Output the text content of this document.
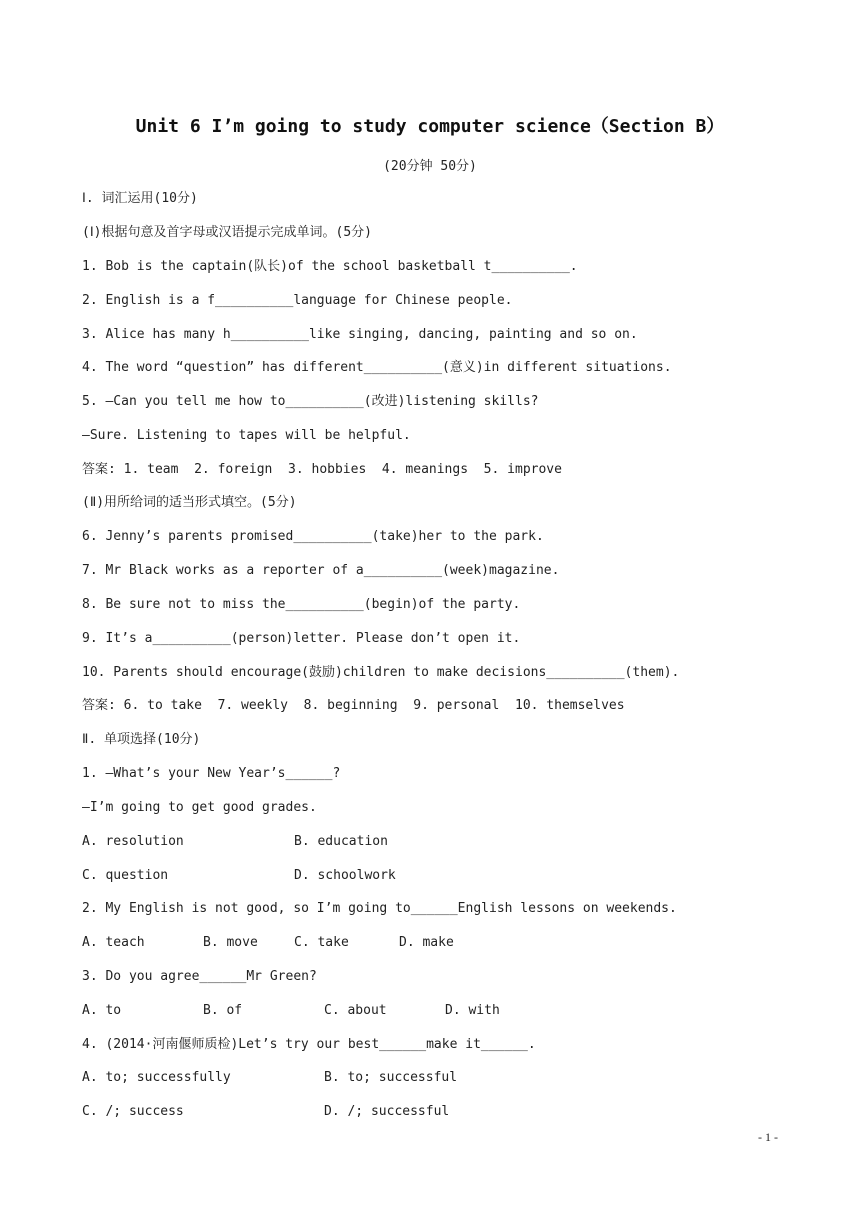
Unit 6 I’m going to study computer science（Section B）
(20分钟 50分)
Ⅰ. 词汇运用(10分)
(Ⅰ)根据句意及首字母或汉语提示完成单词。(5分)
1. Bob is the captain(队长)of the school basketball t__________.
2. English is a f__________language for Chinese people.
3. Alice has many h__________like singing, dancing, painting and so on.
4. The word “question” has different__________(意义)in different situations.
5. —Can you tell me how to__________(改进)listening skills?
—Sure. Listening to tapes will be helpful.
答案: 1. team  2. foreign  3. hobbies  4. meanings  5. improve
(Ⅱ)用所给词的适当形式填空。(5分)
6. Jenny’s parents promised__________(take)her to the park.
7. Mr Black works as a reporter of a__________(week)magazine.
8. Be sure not to miss the__________(begin)of the party.
9. It’s a__________(person)letter. Please don’t open it.
10. Parents should encourage(鼓励)children to make decisions__________(them).
答案: 6. to take  7. weekly  8. beginning  9. personal  10. themselves
Ⅱ. 单项选择(10分)
1. —What’s your New Year’s______?
—I’m going to get good grades.
A. resolution	B. education
C. question	D. schoolwork
2. My English is not good, so I’m going to______English lessons on weekends.
A. teach	B. move	C. take	D. make
3. Do you agree______Mr Green?
A. to	B. of	C. about	D. with
4. (2014·河南偃师质检)Let’s try our best______make it______.
A. to; successfully	B. to; successful
C. /; success	D. /; successful
- 1 -
